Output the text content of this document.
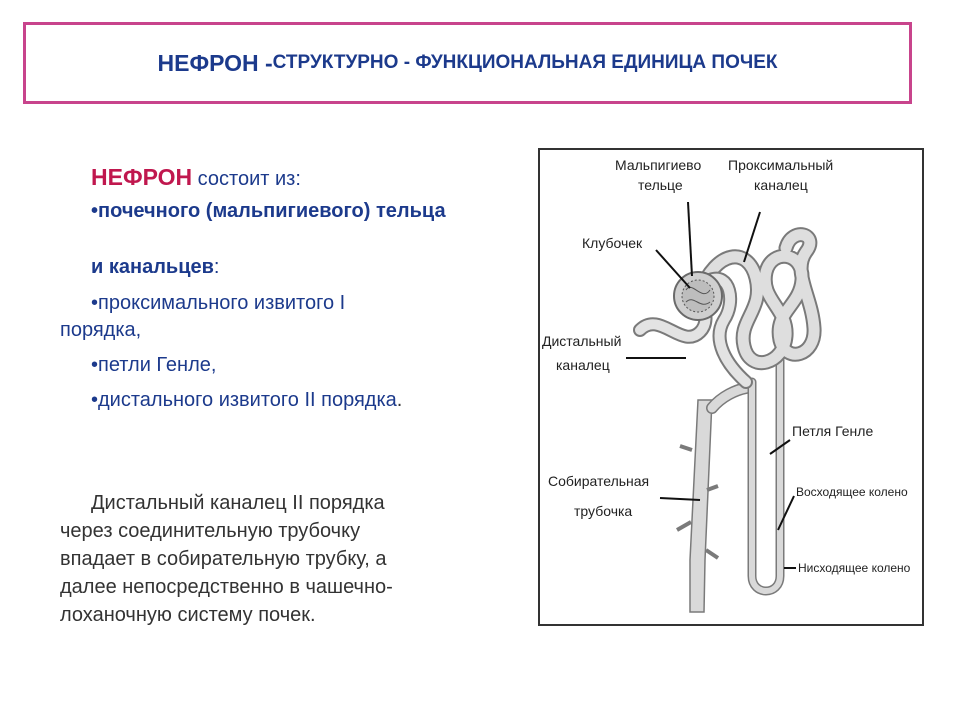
НЕФРОН - СТРУКТУРНО - ФУНКЦИОНАЛЬНАЯ ЕДИНИЦА ПОЧЕК
НЕФРОН состоит из:
•почечного (мальпигиевого) тельца
и канальцев:
•проксимального извитого I
порядка,
•петли Генле,
•дистального извитого II порядка.
Дистальный каналец II порядка
через соединительную трубочку
впадает в собирательную трубку, а
далее непосредственно в чашечно-
лоханочную систему почек.
Мальпигиево
тельце
Проксимальный
каналец
Клубочек
Дистальный
каналец
Петля Генле
Собирательная
трубочка
Восходящее колено
Нисходящее колено
